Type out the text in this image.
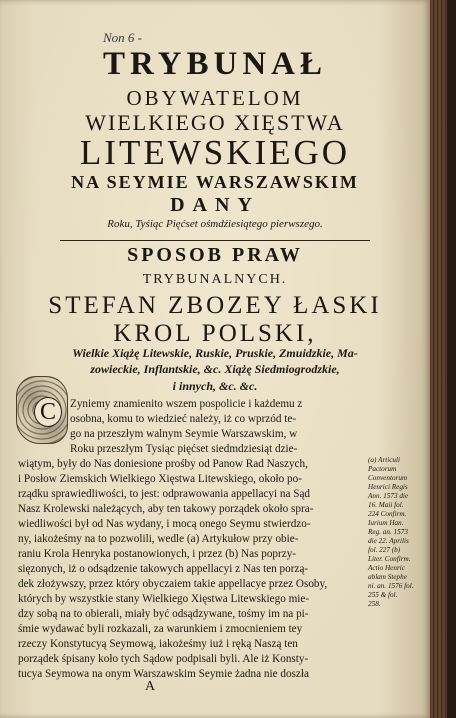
Non 6 -
TRYBUNAŁ
OBYWATELOM
WIELKIEGO XIĘSTWA
LITEWSKIEGO
NA SEYMIE WARSZAWSKIM
DANY
Roku, Tyśiąc Pięćset ośmdźiesiątego pierwszego.
SPOSOB PRAW
TRYBUNALNYCH.
STEFAN ZBOZEY ŁASKI
KROL POLSKI,
Wielkie Xiążę Litewskie, Ruskie, Pruskie, Zmuidzkie, Ma-
zowieckie, Inflantskie, &c. Xiążę Siedmiogrodzkie,
i innych, &c. &c.
C	Zyniemy znamienito wszem pospolicie i każdemu z
osobna, komu to wiedzieć należy, iż co wprzód te-
go na przeszłym walnym Seymie Warszawskim, w
Roku przeszłym Tysiąc pięćset siedmdziesiąt dzie-
wiątym, były do Nas doniesione prośby od Panow Rad Naszych,
i Posłow Ziemskich Wielkiego Xięstwa Litewskiego, około po-
rządku sprawiedliwości, to jest: odprawowania appellacyi na Sąd
Nasz Krolewski należących, aby ten takowy porządek około spra-
wiedliwości był od Nas wydany, i mocą onego Seymu stwierdzo-
ny, iakożeśmy na to pozwolili, wedle (a) Artykułow przy obie-
raniu Krola Henryka postanowionych, i przez (b) Nas poprzy-
sięzonych, iż o odsądzenie takowych appellacyi z Nas ten porzą-
dek złożywszy, przez który obyczaiem takie appellacye przez Osoby,
których by wszystkie stany Wielkiego Xięstwa Litewskiego mie-
dzy sobą na to obierali, miały być odsądzywane, tośmy im na pi-
śmie wydawać byli rozkazali, za warunkiem i zmocnieniem tey
rzeczy Konstytucyą Seymową, iakożeśmy iuż i ręką Naszą ten
porządek śpisany koło tych Sądow podpisali byli. Ale iż Konsty-
tucya Seymowa na onym Warszawskim Seymie żadna nie doszła
(a) Articuli
Pactorum
Conventorum
Henrici Regis
Ann. 1573 die
16. Maii fol.
224 Confirm.
Iurium Han.
Reg. an. 1573
die 22. Aprilis
fol. 227 (b)
Liter. Confirm.
Actio Henric
ablam Stephe
ni. an. 1576 fol.
255 & fol.
258.
A
